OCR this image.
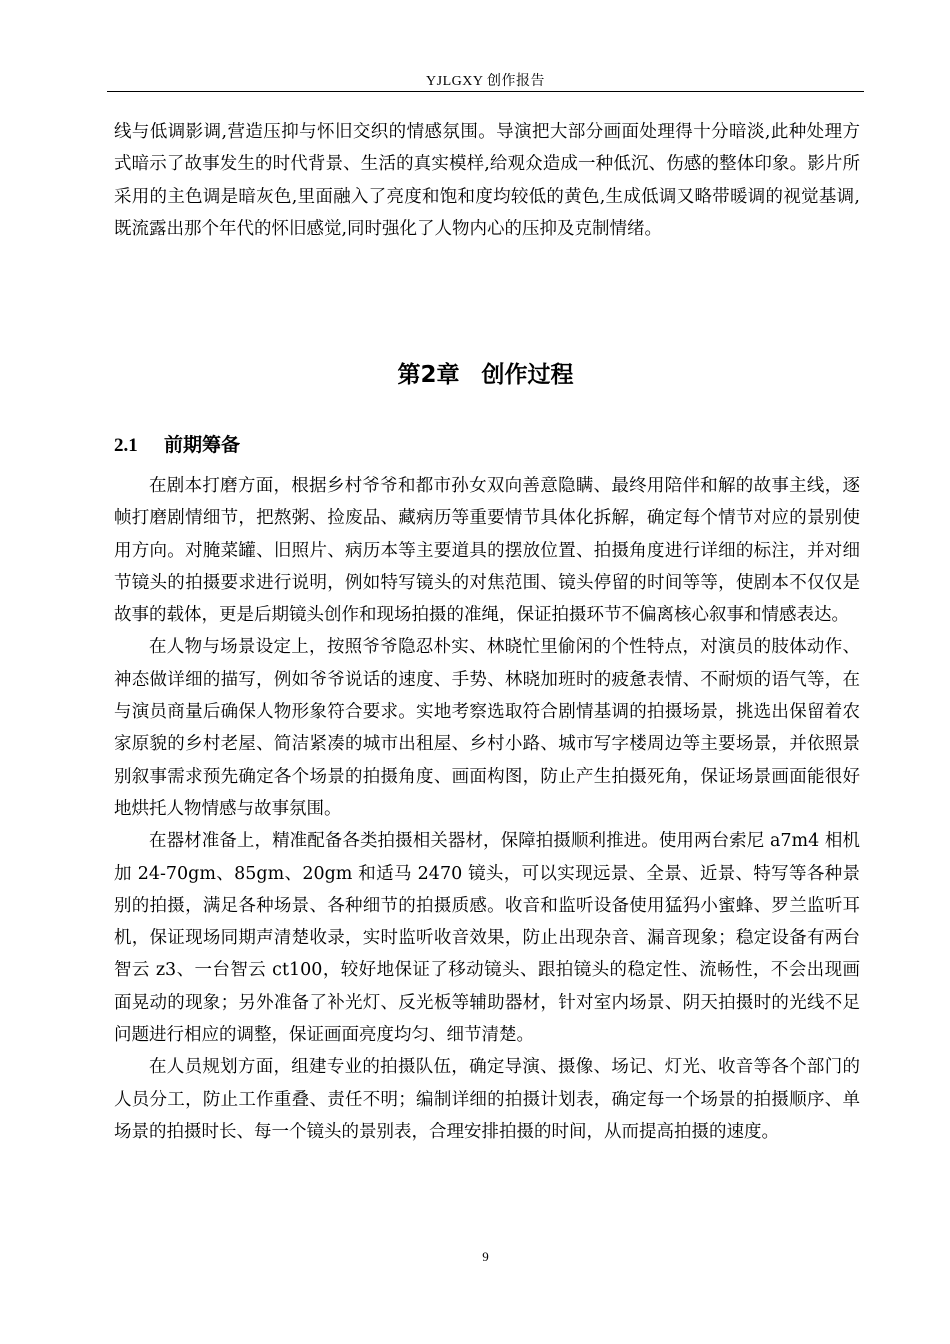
YJLGXY 创作报告

线与低调影调,营造压抑与怀旧交织的情感氛围。导演把大部分画面处理得十分暗淡,此种处理方式暗示了故事发生的时代背景、生活的真实模样,给观众造成一种低沉、伤感的整体印象。影片所采用的主色调是暗灰色,里面融入了亮度和饱和度均较低的黄色,生成低调又略带暖调的视觉基调,既流露出那个年代的怀旧感觉,同时强化了人物内心的压抑及克制情绪。

第2章 创作过程
2.1 前期筹备

在剧本打磨方面，根据乡村爷爷和都市孙女双向善意隐瞒、最终用陪伴和解的故事主线，逐帧打磨剧情细节，把熬粥、捡废品、藏病历等重要情节具体化拆解，确定每个情节对应的景别使用方向。对腌菜罐、旧照片、病历本等主要道具的摆放位置、拍摄角度进行详细的标注，并对细节镜头的拍摄要求进行说明，例如特写镜头的对焦范围、镜头停留的时间等等，使剧本不仅仅是故事的载体，更是后期镜头创作和现场拍摄的准绳，保证拍摄环节不偏离核心叙事和情感表达。

在人物与场景设定上，按照爷爷隐忍朴实、林晓忙里偷闲的个性特点，对演员的肢体动作、神态做详细的描写，例如爷爷说话的速度、手势、林晓加班时的疲惫表情、不耐烦的语气等，在与演员商量后确保人物形象符合要求。实地考察选取符合剧情基调的拍摄场景，挑选出保留着农家原貌的乡村老屋、简洁紧凑的城市出租屋、乡村小路、城市写字楼周边等主要场景，并依照景别叙事需求预先确定各个场景的拍摄角度、画面构图，防止产生拍摄死角，保证场景画面能很好地烘托人物情感与故事氛围。

在器材准备上，精准配备各类拍摄相关器材，保障拍摄顺利推进。使用两台索尼 a7m4 相机加 24-70gm、85gm、20gm 和适马 2470 镜头，可以实现远景、全景、近景、特写等各种景别的拍摄，满足各种场景、各种细节的拍摄质感。收音和监听设备使用猛犸小蜜蜂、罗兰监听耳机，保证现场同期声清楚收录，实时监听收音效果，防止出现杂音、漏音现象；稳定设备有两台智云 z3、一台智云 ct100，较好地保证了移动镜头、跟拍镜头的稳定性、流畅性，不会出现画面晃动的现象；另外准备了补光灯、反光板等辅助器材，针对室内场景、阴天拍摄时的光线不足问题进行相应的调整，保证画面亮度均匀、细节清楚。

在人员规划方面，组建专业的拍摄队伍，确定导演、摄像、场记、灯光、收音等各个部门的人员分工，防止工作重叠、责任不明；编制详细的拍摄计划表，确定每一个场景的拍摄顺序、单场景的拍摄时长、每一个镜头的景别表，合理安排拍摄的时间，从而提高拍摄的速度。

9
